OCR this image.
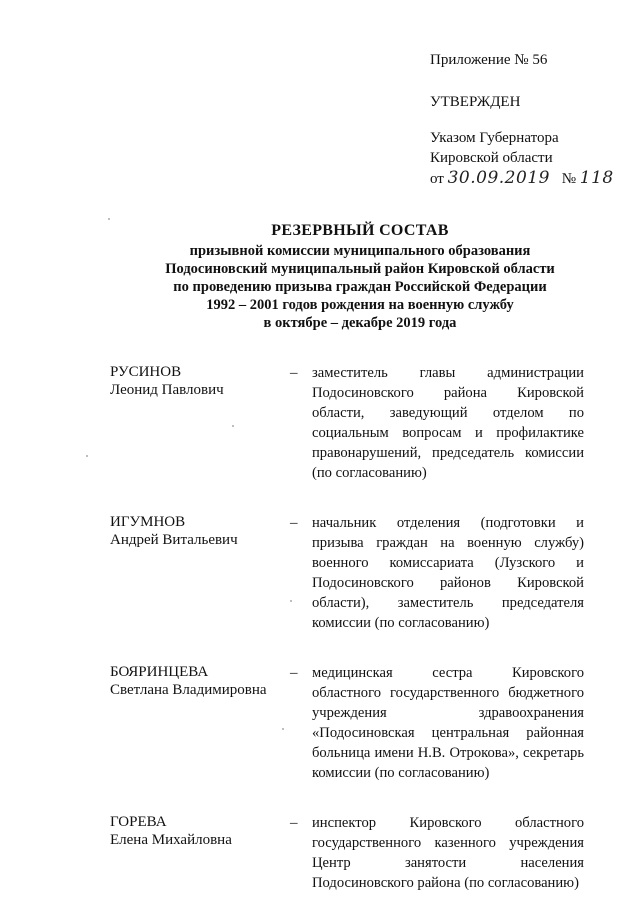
Приложение № 56
УТВЕРЖДЕН
Указом Губернатора
Кировской области
от 30.09.2019 № 118
РЕЗЕРВНЫЙ СОСТАВ
призывной комиссии муниципального образования
Подосиновский муниципальный район Кировской области
по проведению призыва граждан Российской Федерации
1992 – 2001 годов рождения на военную службу
в октябре – декабре 2019 года
РУСИНОВ
Леонид Павлович
– заместитель главы администрации Подосиновского района Кировской области, заведующий отделом по социальным вопросам и профилактике правонарушений, председатель комиссии (по согласованию)
ИГУМНОВ
Андрей Витальевич
– начальник отделения (подготовки и призыва граждан на военную службу) военного комиссариата (Лузского и Подосиновского районов Кировской области), заместитель председателя комиссии (по согласованию)
БОЯРИНЦЕВА
Светлана Владимировна
– медицинская сестра Кировского областного государственного бюджетного учреждения здравоохранения «Подосиновская центральная районная больница имени Н.В. Отрокова», секретарь комиссии (по согласованию)
ГОРЕВА
Елена Михайловна
– инспектор Кировского областного государственного казенного учреждения Центр занятости населения Подосиновского района (по согласованию)
